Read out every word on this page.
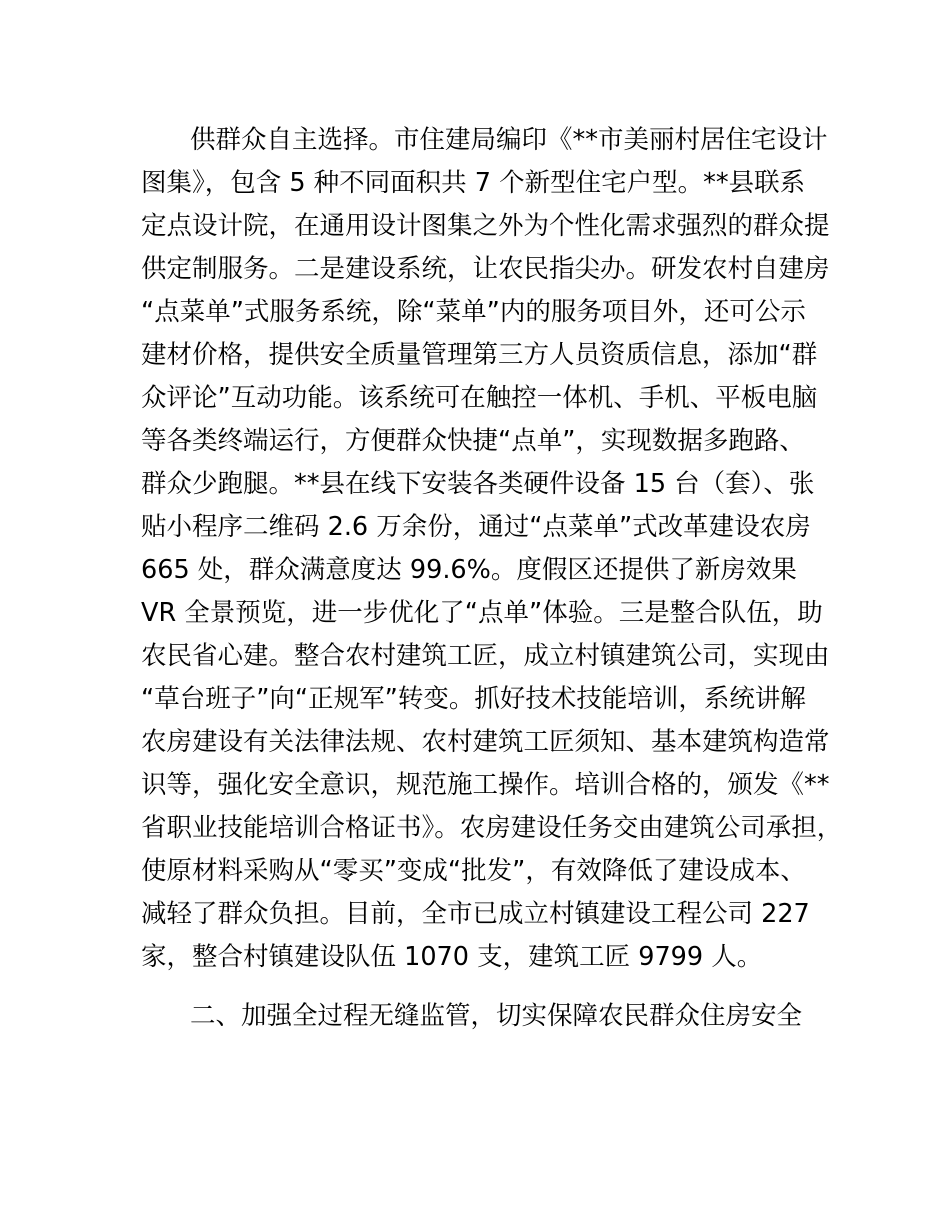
供群众自主选择。市住建局编印《**市美丽村居住宅设计
图集》，包含 5 种不同面积共 7 个新型住宅户型。**县联系
定点设计院，在通用设计图集之外为个性化需求强烈的群众提
供定制服务。二是建设系统，让农民指尖办。研发农村自建房
“点菜单”式服务系统，除“菜单”内的服务项目外，还可公示
建材价格，提供安全质量管理第三方人员资质信息，添加“群
众评论”互动功能。该系统可在触控一体机、手机、平板电脑
等各类终端运行，方便群众快捷“点单”，实现数据多跑路、
群众少跑腿。**县在线下安装各类硬件设备 15 台（套）、张
贴小程序二维码 2.6 万余份，通过“点菜单”式改革建设农房
665 处，群众满意度达 99.6%。度假区还提供了新房效果
VR 全景预览，进一步优化了“点单”体验。三是整合队伍，助
农民省心建。整合农村建筑工匠，成立村镇建筑公司，实现由
“草台班子”向“正规军”转变。抓好技术技能培训，系统讲解
农房建设有关法律法规、农村建筑工匠须知、基本建筑构造常
识等，强化安全意识，规范施工操作。培训合格的，颁发《**
省职业技能培训合格证书》。农房建设任务交由建筑公司承担，
使原材料采购从“零买”变成“批发”，有效降低了建设成本、
减轻了群众负担。目前，全市已成立村镇建设工程公司 227
家，整合村镇建设队伍 1070 支，建筑工匠 9799 人。
二、加强全过程无缝监管，切实保障农民群众住房安全
